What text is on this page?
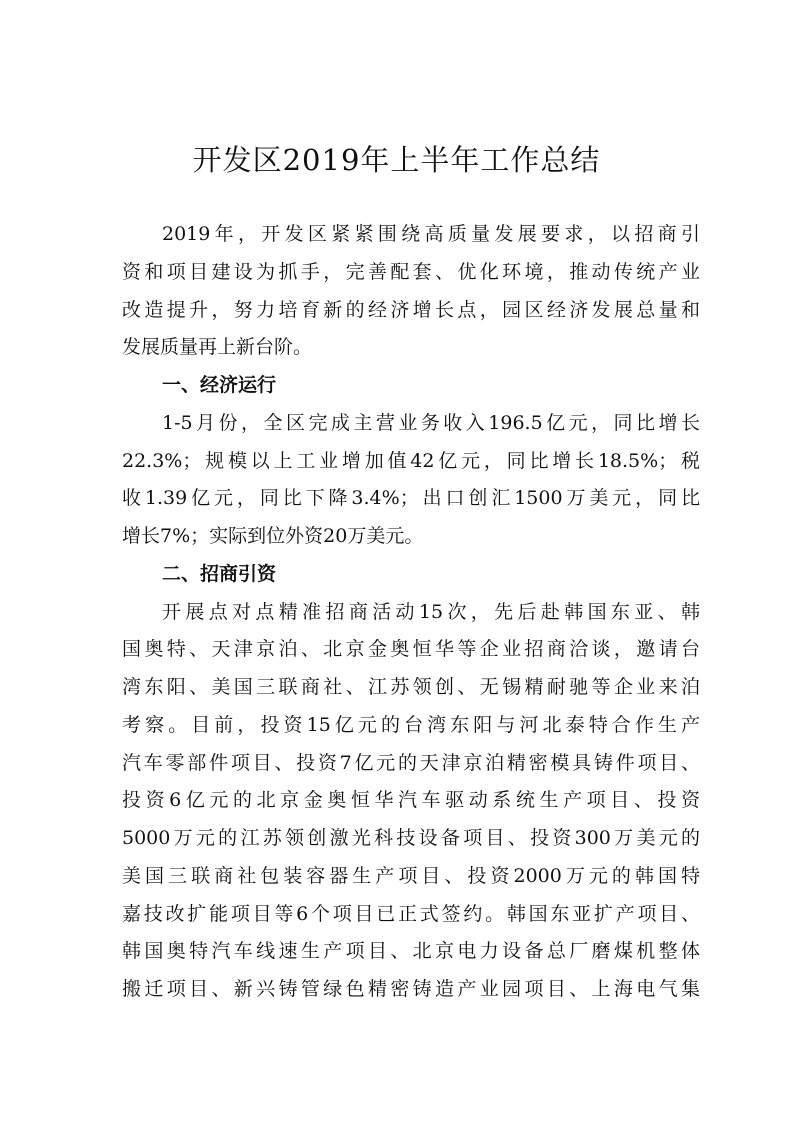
开发区2019年上半年工作总结
2019年，开发区紧紧围绕高质量发展要求，以招商引
资和项目建设为抓手，完善配套、优化环境，推动传统产业
改造提升，努力培育新的经济增长点，园区经济发展总量和
发展质量再上新台阶。
一、经济运行
1-5月份，全区完成主营业务收入196.5亿元，同比增长
22.3%；规模以上工业增加值42亿元，同比增长18.5%；税
收1.39亿元，同比下降3.4%；出口创汇1500万美元，同比
增长7%；实际到位外资20万美元。
二、招商引资
开展点对点精准招商活动15次，先后赴韩国东亚、韩
国奥特、天津京泊、北京金奥恒华等企业招商洽谈，邀请台
湾东阳、美国三联商社、江苏领创、无锡精耐驰等企业来泊
考察。目前，投资15亿元的台湾东阳与河北泰特合作生产
汽车零部件项目、投资7亿元的天津京泊精密模具铸件项目、
投资6亿元的北京金奥恒华汽车驱动系统生产项目、投资
5000万元的江苏领创激光科技设备项目、投资300万美元的
美国三联商社包装容器生产项目、投资2000万元的韩国特
嘉技改扩能项目等6个项目已正式签约。韩国东亚扩产项目、
韩国奥特汽车线速生产项目、北京电力设备总厂磨煤机整体
搬迁项目、新兴铸管绿色精密铸造产业园项目、上海电气集
